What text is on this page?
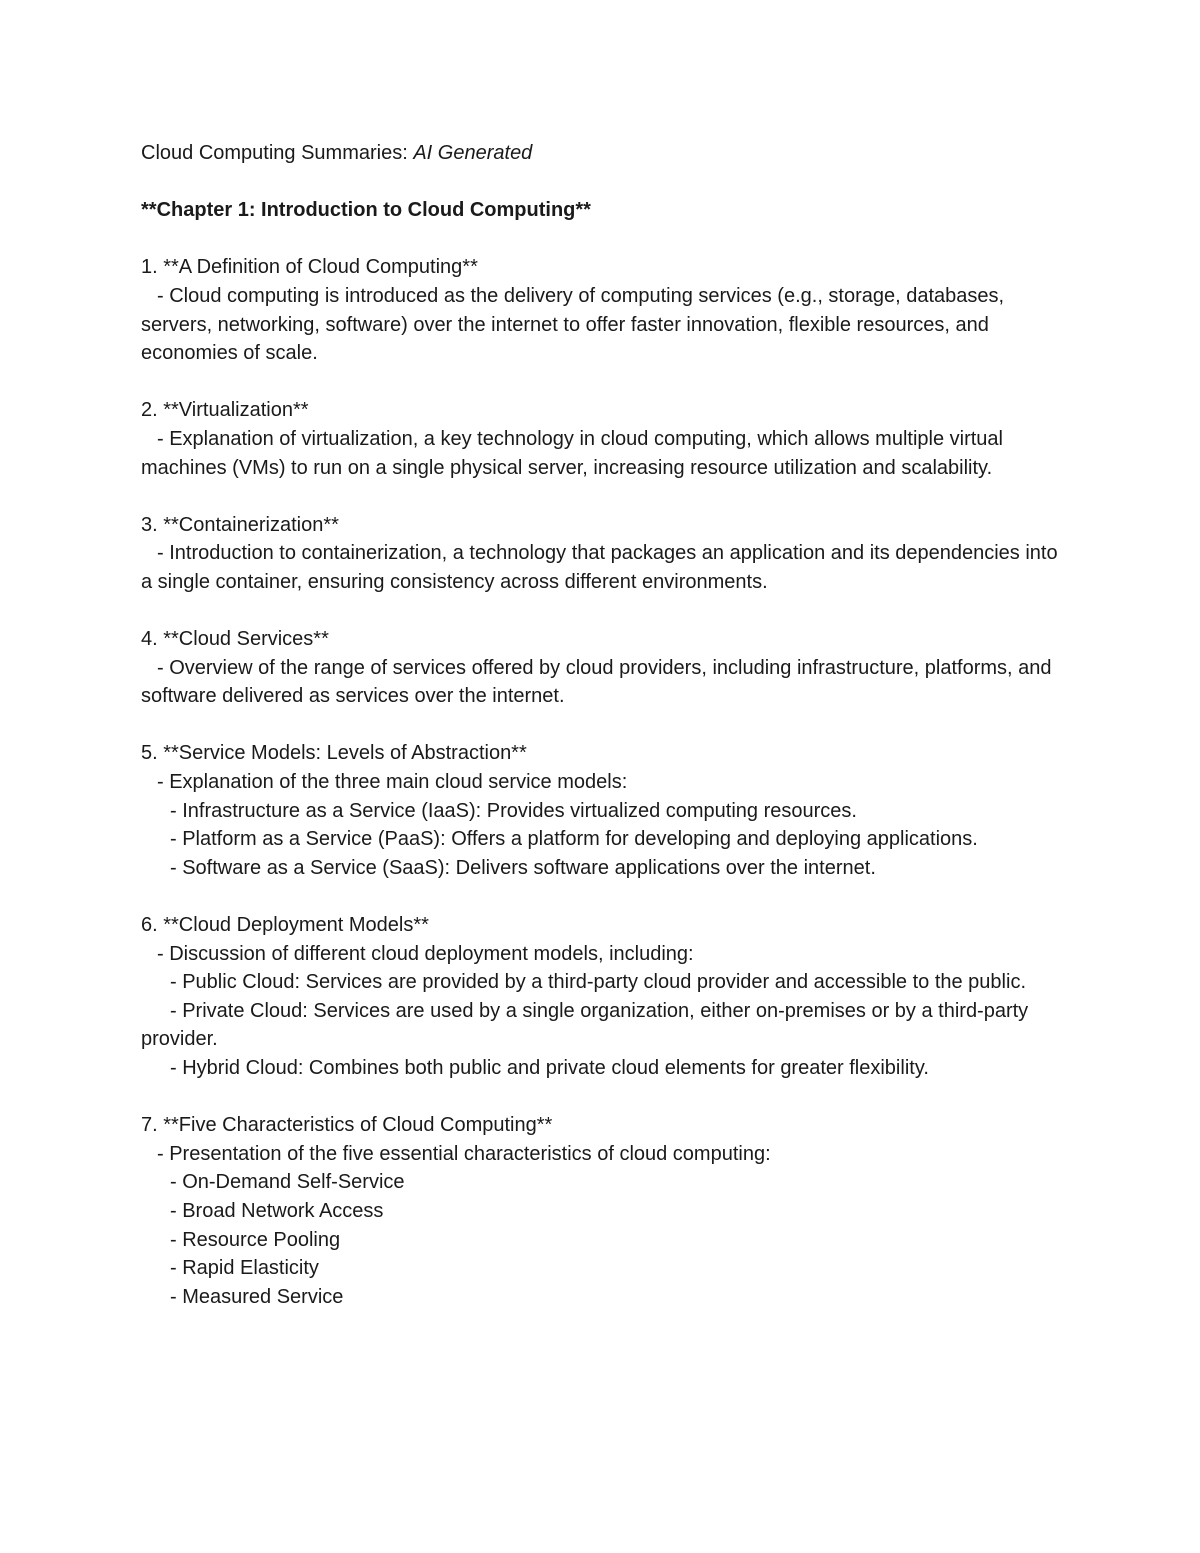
Cloud Computing Summaries: AI Generated

**Chapter 1: Introduction to Cloud Computing**

1. **A Definition of Cloud Computing**

- Cloud computing is introduced as the delivery of computing services (e.g., storage, databases, servers, networking, software) over the internet to offer faster innovation, flexible resources, and economies of scale.

2. **Virtualization**

- Explanation of virtualization, a key technology in cloud computing, which allows multiple virtual machines (VMs) to run on a single physical server, increasing resource utilization and scalability.

3. **Containerization**

- Introduction to containerization, a technology that packages an application and its dependencies into a single container, ensuring consistency across different environments.

4. **Cloud Services**

- Overview of the range of services offered by cloud providers, including infrastructure, platforms, and software delivered as services over the internet.

5. **Service Models: Levels of Abstraction**

- Explanation of the three main cloud service models:

- Infrastructure as a Service (IaaS): Provides virtualized computing resources.

- Platform as a Service (PaaS): Offers a platform for developing and deploying applications.

- Software as a Service (SaaS): Delivers software applications over the internet.

6. **Cloud Deployment Models**

- Discussion of different cloud deployment models, including:

- Public Cloud: Services are provided by a third-party cloud provider and accessible to the public.

- Private Cloud: Services are used by a single organization, either on-premises or by a third-party provider.

- Hybrid Cloud: Combines both public and private cloud elements for greater flexibility.

7. **Five Characteristics of Cloud Computing**

- Presentation of the five essential characteristics of cloud computing:

- On-Demand Self-Service

- Broad Network Access

- Resource Pooling

- Rapid Elasticity

- Measured Service
